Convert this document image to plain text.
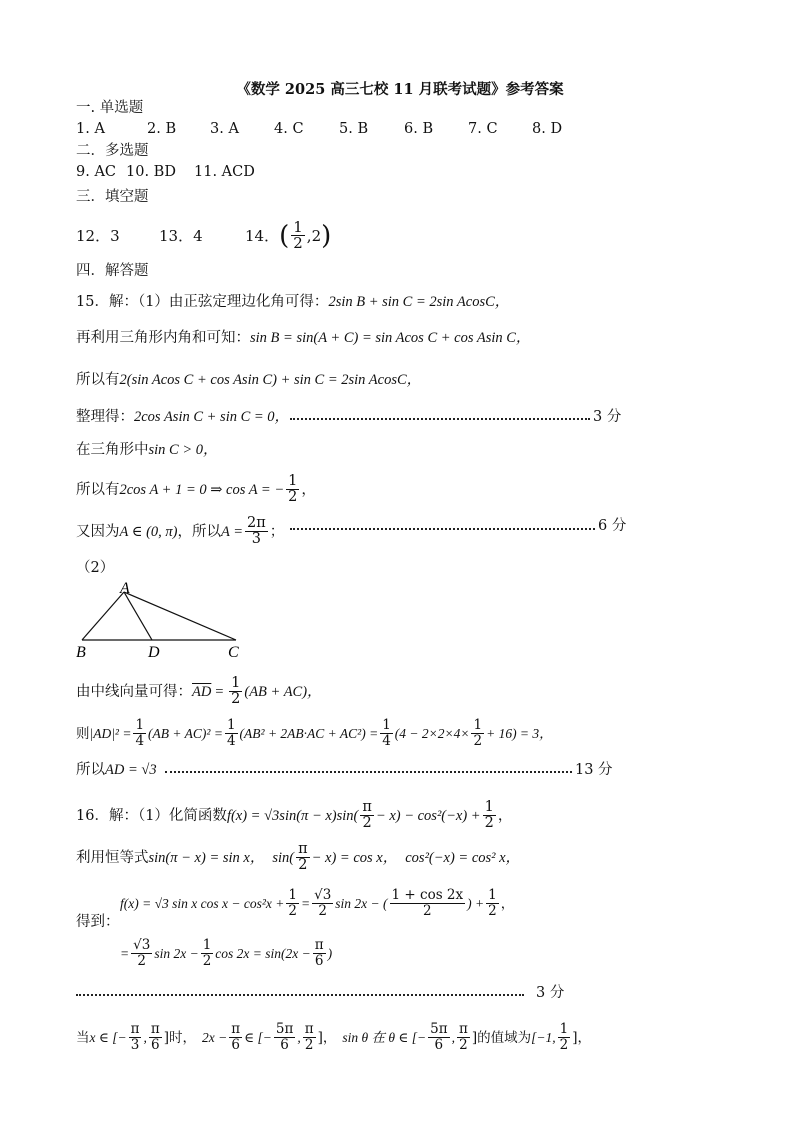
《数学 2025 高三七校 11 月联考试题》参考答案
一. 单选题
1. A	2. B	3. A	4. C	5. B	6. B	7. C	8. D
二．多选题
9. AC 10. BD	11. ACD
三．填空题
12．3	13．4	14． ( $\frac{1}{2} ,2$ )
四．解答题
15．解：（1）由正弦定理边化角可得： 2sin B + sin C = 2sin AcosC，
再利用三角形内角和可知： sin B = sin(A + C) = sin Acos C + cos Asin C，
所以有 2(sin Acos C + cos Asin C) + sin C = 2sin AcosC，
整理得： 2cos Asin C + sin C = 0，	3 分
在三角形中 sin C > 0，
所以有 2cos A + 1 = 0 ⇒ cos A = − $\frac{1}{2}$ ，
又因为 A ∈ (0, π) ，所以 $A = \frac{2\pi}{3}$ ；	6 分
（2）
A
B	D	C
由中线向量可得： $\overline{AD} = \frac{1}{2} (AB + AC)$，
则 $|AD|^2 = \frac{1}{4} (AB + AC)^2 = \frac{1}{4} (AB^2 + 2AB\cdot AC + AC^2) = \frac{1}{4} (4 - 2\times 2\times 4\times \frac{1}{2} + 16) = 3$，
所以 AD = √3	13 分
16．解：（1）化简函数 $f(x) = √3\sin(\pi - x)\sin( \frac{\pi}{2} - x) - \cos^2(-x) + \frac{1}{2}$ ，
利用恒等式 sin(π − x) = sin x， $\sin( \frac{\pi}{2} - x) = \cos x$， cos²(−x) = cos² x，
f(x) = √3 sin x $\cos x - \cos^2x + \frac{1}{2} = \frac{√3}{2}$ sin 2x − ( $\frac{1 + \cos 2x}{2}$ ) + $\frac{1}{2}$ ，
得到：
= $\frac{√3}{2}$ $\sin 2x - \frac{1}{2}$ $\cos 2x = \sin(2x - \frac{\pi}{6}$ )
3 分
当 x ∈ [− $\frac{\pi}{3}$ , $\frac{\pi}{6}$ ]时， $2x - \frac{\pi}{6}$ ∈ [− $\frac{5\pi}{6}$ , $\frac{\pi}{2}$ ]， sin θ 在 θ ∈ [− $\frac{5\pi}{6}$ , $\frac{\pi}{2}$ ]的值域为 [−1, $\frac{1}{2}$ ]，
